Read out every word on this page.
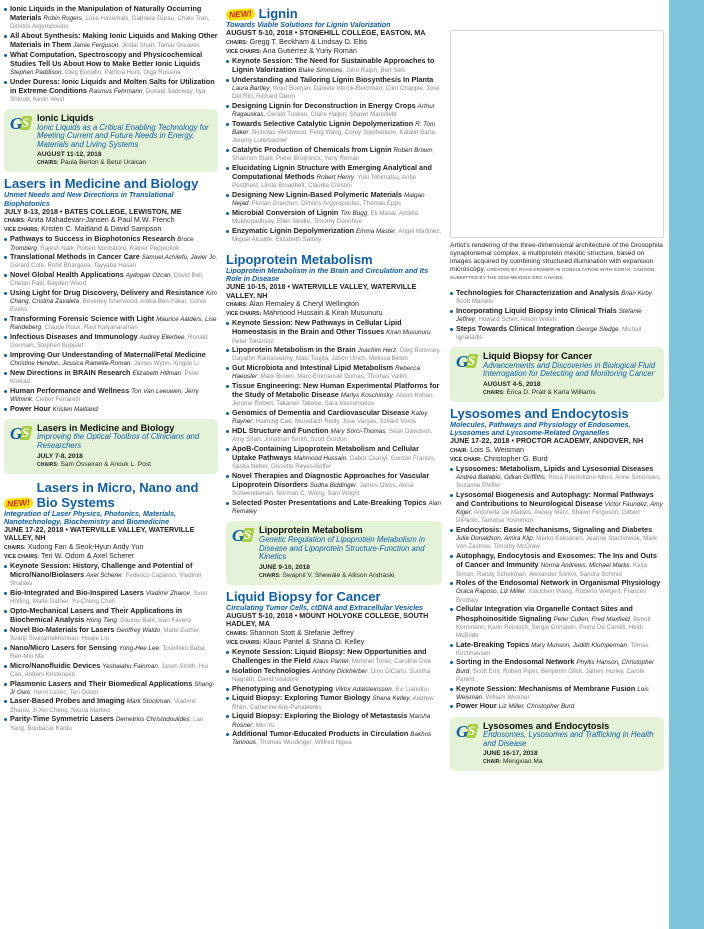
Ionic Liquids in the Manipulation of Naturally Occurring Materials Robin Rogers, Luke Haverhals, Gabriela Gurau, Chieu Tran, Dimitris Argyropoulos
All About Synthesis: Making Ionic Liquids and Making Other Materials in Them Jamie Ferguson, Jindal Shah, Tamar Greaves
What Computation, Spectroscopy and Physicochemical Studies Tell Us About How to Make Better Ionic Liquids Stephen Paddison, Oleg Borodin, Patricia Hunt, Olga Russina
Under Duress: Ionic Liquids and Molten Salts for Utilization in Extreme Conditions Rasmus Fehrmann, Donald Sadoway, Ilya Shkrob, Kevin West
G S Ionic Liquids
Ionic Liquids as a Critical Enabling Technology for Meeting Current and Future Needs in Energy, Materials and Living Systems
AUGUST 11-12, 2018
CHAIRS: Paula Berton & Betul Uralcan
Lasers in Medicine and Biology
Unmet Needs and New Directions in Translational Biophotonics
JULY 8-13, 2018 • BATES COLLEGE, LEWISTON, ME
CHAIRS: Anita Mahadevan-Jansen & Paul M.W. French
VICE CHAIRS: Kristen C. Maitland & David Sampson
Pathways to Success in Biophotonics Research Bruce Tromberg, Rajesh Naik, Robert Nordstrom, Rainer Pepperkok
Translational Methods in Cancer Care Samuel Achilefu, Javier Jo, Gerard Cote, Rohit Bhargava, Tayyaba Hasan
Novel Global Health Applications Aydogan Ozcan, David Bell, Chetan Patil, Bayden Wood
Using Light for Drug Discovery, Delivery and Resistance Kim Chang, Cristina Zavaleta, Beverley Isherwood, Adela Ben-Yakar, Conor Evans
Transforming Forensic Science with Light Maurice Aalders, Lise Randeberg, Claude Roux, Ravi Kalyanaraman
Infectious Diseases and Immunology Audrey Ellerbee, Ronald Germain, Stephen Boppart
Improving Our Understanding of Maternal/Fetal Medicine Christine Hendon, Jessica Ramella-Roman, James Wynn, Xingde Li
New Directions in BRAIN Research Elizabeth Hillman, Peter Konrad
Human Performance and Wellness Ton Van Leeuwen, Jerry Wilmink, Cleber Ferrarezi
Power Hour Kristen Maitland
G S Lasers in Medicine and Biology
Improving the Optical Toolbox of Clinicians and Researchers
JULY 7-8, 2018
CHAIRS: Sam Osseiran & Anouk L. Post
NEW!
Lasers in Micro, Nano and Bio Systems
Integration of Laser Physics, Photonics, Materials, Nanotechnology, Biochemistry and Biomedicine
JUNE 17-22, 2018 • WATERVILLE VALLEY, WATERVILLE VALLEY, NH
CHAIRS: Xudong Fan & Seok-Hyun Andy Yun
VICE CHAIRS: Teri W. Odom & Axel Scherer
Keynote Session: History, Challenge and Potential of Micro/Nano/Biolasers Axel Scherer, Federico Capasso, Vladimir Shalaev
Bio-Integrated and Bio-Inspired Lasers Vladimir Zharov, Sven Höfling, Malte Gather, Yu-Cheng Chen
Opto-Mechanical Lasers and Their Applications in Biochemical Analysis Hong Tang, Gaurav Bahl, Ivan Favero
Novel Bio-Materials for Lasers Geoffrey Waldo, Malte Gather, Svanji Sivaramakrishnan, Huajie Liu
Nano/Micro Lasers for Sensing Yong-Hee Lee, Toshihiko Baba, Ren-Min Ma
Micro/Nanofluidic Devices Yeshaiahu Fainman, Jason Smith, Hui Cao, Anders Kristensen
Plasmonic Lasers and Their Biomedical Applications Shang-Jr Gwo, Henri Lezec, Teri Odom
Laser-Based Probes and Imaging Mark Stockman, Vladimir Zharov, Ji-Xin Cheng, Nicola Martino
Parity-Time Symmetric Lasers Demetrios Christodoulides, Lan Yang, Boubacar Kantu
NEW! Lignin
Towards Viable Solutions for Lignin Valorization
AUGUST 5-10, 2018 • STONEHILL COLLEGE, EASTON, MA
CHAIRS: Gregg T. Beckham & Lindsay D. Eltis
VICE CHAIRS: Ana Gutiérrez & Yuriy Román
Keynote Session: The Need for Sustainable Approaches to Lignin Valorization Blake Simmons, John Ralph, Bert Sels
Understanding and Tailoring Lignin Biosynthesis In Planta Laura Bartley, Wout Boerjan, Daniele Werck-Reichhart, Clint Chapple, José Del Río, Richard Dixon
Designing Lignin for Deconstruction in Energy Crops Arthur Ragauskas, Gerald Tuskan, Claire Halpin, Shawn Mansfield
Towards Selective Catalytic Lignin Depolymerization R. Tom Baker, Nicholas Westwood, Feng Wang, Corey Stephenson, Katalin Barta, Jeremy Luterbacher
Catalytic Production of Chemicals from Lignin Robert Brown, Shannon Stahl, Pieter Bruijnincx, Yuriy Román
Elucidating Lignin Structure with Emerging Analytical and Computational Methods Robert Henry, Yuki Tobimatsu, Antje Postthast, Linda Broadbelt, Claudia Crestini
Designing New Lignin-Based Polymeric Materials Malgan Nejad, Florian Graichen, Dimitris Argyropoulos, Thomas Epps
Microbial Conversion of Lignin Tim Bugg, Eli Masai, Andrila Mukhopadhyay, Ellen Neidle, Timothy Donohue
Enzymatic Lignin Depolymerization Emma Master, Angel Martinez, Miguel Alcalde, Elizabeth Sattely
Lipoprotein Metabolism
Lipoprotein Metabolism in the Brain and Circulation and Its Role in Disease
JUNE 10-15, 2018 • WATERVILLE VALLEY, WATERVILLE VALLEY, NH
CHAIRS: Alan Remaley & Cheryl Wellington
VICE CHAIRS: Mahmood Hussain & Kiran Musunuru
Keynote Session: New Pathways in Cellular Lipid Homeostasis in the Brain and Other Tissues Kiran Musunuru, Peter Tontonoz
Lipoprotein Metabolism in the Brain Joachim Herz, Oleg Butovsky, Gayathri Ramaswamy, Maki Tsujita, Jason Ulrich, Melissa Beton
Gut Microbiota and Intestinal Lipid Metabolism Rebecca Haeusler, Mark Brown, Marc-Emmanuel Dumas, Thomas Vallim
Tissue Engineering: New Human Experimental Platforms for the Study of Metabolic Disease Marlys Koschinsky, Alison Kohan, Jerome Robert, Takanori Takebe, Sara Vasconcelos
Genomics of Dementia and Cardiovascular Disease Katey Rayner, Haiming Cao, Muredach Reilly, Jose Vargas, Szilard Voros
HDL Structure and Function Mary Sorci-Thomas, Sean Davidson, Amy Shah, Jonathan Smith, Scott Gordon
ApoB-Containing Lipoprotein Metabolism and Cellular Uptake Pathways Mahmood Hussain, Gabor Csanyi, Gordon Francis, Saska Neher, Gissette Reyes-Soffer
Novel Therapies and Diagnostic Approaches for Vascular Lipoprotein Disorders Sudha Biddinger, James Olvos, Anna Schwendeman, Norman C. Wong, Sam Wright
Selected Poster Presentations and Late-Breaking Topics Alan Remaley
G S Lipoprotein Metabolism
Genetic Regulation of Lipoprotein Metabolism in Disease and Lipoprotein Structure-Function and Kinetics
JUNE 9-10, 2018
CHAIRS: Swapnil V. Shewale & Allison Andraski
Liquid Biopsy for Cancer
Circulating Tumor Cells, ctDNA and Extracellular Vesicles
AUGUST 5-10, 2018 • MOUNT HOLYOKE COLLEGE, SOUTH HADLEY, MA
CHAIRS: Shannon Stott & Stefanie Jeffrey
VICE CHAIRS: Klaus Pantel & Shana O. Kelley
Keynote Session: Liquid Biopsy: New Opportunities and Challenges in the Field Klaus Pantel, Mehmet Toner, Caroline Dive
Isolation Technologies Anthony Dickherber, Dino DiCarlo, Sunitha Nagrath, David Issadore
Phenotyping and Genotyping Viktor Adalsteinsson, Evi Lianidou
Liquid Biopsy: Exploring Tumor Biology Shana Kelley, Andrew Rhim, Catherine Alix-Panabieres
Liquid Biopsy: Exploring the Biology of Metastasis Marsha Rosner, Min Yu
Additional Tumor-Educated Products in Circulation Bakhos Tannous, Thomas Wurdinger, Wilfred Ngwa
Artist's rendering of the three-dimensional architecture of the Drosophila synaptonemal complex, a multiprotein meiotic structure, based on images acquired by combining structured illumination with expansion microscopy. CREATED BY RYAN KRAMER IN CONSULTATION WITH CORI K. CAHOON. SUBMITTED BY THE 2018 MEIOSIS GRC CHAIRS.
Technologies for Characterization and Analysis Brian Kirby, Scott Manalis
Incorporating Liquid Biopsy into Clinical Trials Stefanie Jeffrey, Howard Scher, Alison Welsh
Steps Towards Clinical Integration George Sledge, Michail Ignatiadis
G S Liquid Biopsy for Cancer
Advancements and Discoveries in Biological Fluid Interrogation for Detecting and Monitoring Cancer
AUGUST 4-5, 2018
CHAIRS: Erica D. Pratt & Karla Williams
Lysosomes and Endocytosis
Molecules, Pathways and Physiology of Endosomes, Lysosomes and Lysosome-Related Organelles
JUNE 17-22, 2018 • PROCTOR ACADEMY, ANDOVER, NH
CHAIR: Lois S. Weisman
VICE CHAIR: Christopher G. Burd
Lysosomes: Metabolism, Lipids and Lysosomal Diseases Andrea Ballabio, Gillian Griffiths, Rosa Puertollano-Moro, Anne Simonsen, Suzanne Pfeffer
Lysosomal Biogenesis and Autophagy: Normal Pathways and Contributions to Neurological Disease Victor Faundez, Amy Kiger, Antonella De Matteis, Alexey Merz, Shawn Ferguson, Gilbert DiPaolo, Tamotsu Yoshimori
Endocytosis: Basic Mechanisms, Signaling and Diabetes Julie Donaldson, Amira Klip, Marko Kaksonen, Jeanne Stachowiak, Mark Von Zastrow, Timothy McGraw
Autophagy, Endocytosis and Exosomes: The Ins and Outs of Cancer and Immunity Norma Andrews, Michael Marks, Katja Simon, Randy Schekman, Alexander Sorkin, Sandra Schmid
Roles of the Endosomal Network in Organismal Physiology Graca Raposo, Liz Miller, Xiaochen Wang, Roberto Weigert, Frances Brodsky
Cellular Integration via Organelle Contact Sites and Phosphoinositide Signaling Peter Cullen, Fred Maxfield, Benoit Kornmann, Karin Reinisch, Sergio Grinstein, Pietro De Camilli, Heidi McBride
Late-Breaking Topics Mary Munson, Judith Klumperman, Tomas Kirchhausen
Sorting in the Endosomal Network Phyllis Hanson, Christopher Burd, Scott Emr, Robert Piper, Benjamin Glick, James Hurley, Carole Parent
Keynote Session: Mechanisms of Membrane Fusion Lois Weisman, William Wickner
Power Hour Liz Miller, Christopher Burd
G S Lysosomes and Endocytosis
Endosomes, Lysosomes and Trafficking in Health and Disease
JUNE 16-17, 2018
CHAIR: Mengxiao Ma
